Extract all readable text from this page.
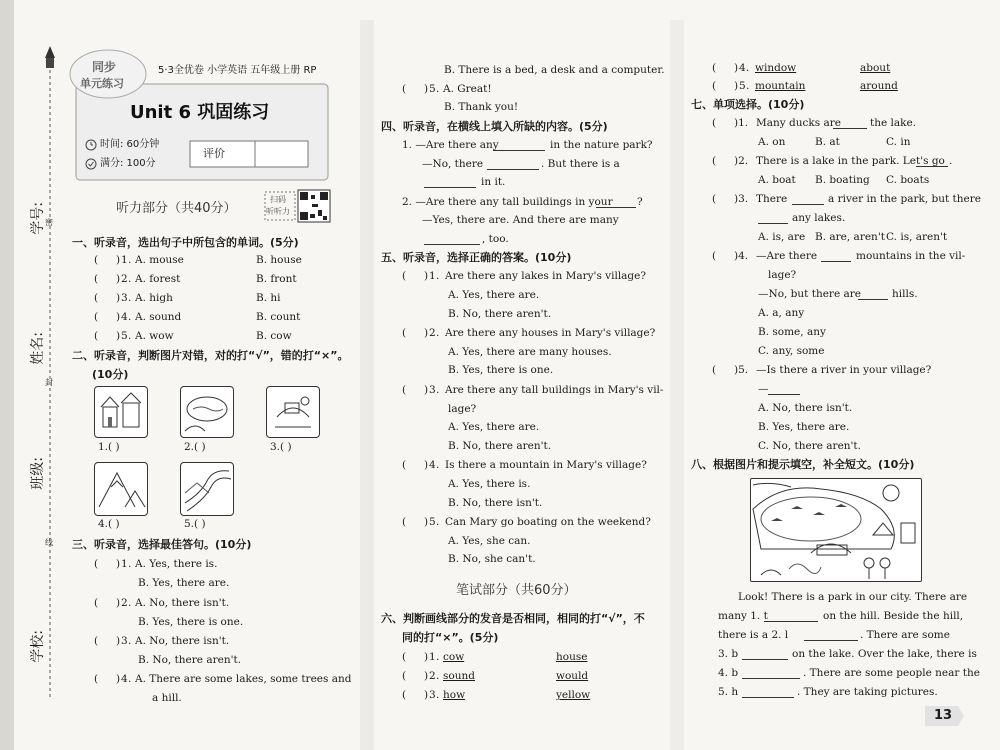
学号:
姓名:
班级:
学校:
密
封
线
同步
单元练习
5·3全优卷 小学英语 五年级上册 RP
Unit 6 巩固练习
时间: 60分钟
满分: 100分
评价
听力部分（共40分）
扫码
听听力
一、听录音，选出句子中所包含的单词。(5分)
( ) 1 . A. mouse	B. house
( ) 2 . A. forest	B. front
( ) 3 . A. high	B. hi
( ) 4 . A. sound	B. count
( ) 5 . A. wow	B. cow
二、听录音，判断图片对错，对的打“√”，错的打“×”。
(10分)
1.( )	2.( )	3.( )
4.( )	5.( )
三、听录音，选择最佳答句。(10分)
( ) 1 . A. Yes, there is.
B. Yes, there are.
( ) 2 . A. No, there isn't.
B. Yes, there is one.
( ) 3 . A. No, there isn't.
B. No, there aren't.
( ) 4 . A. There are some lakes, some trees and
a hill.
B. There is a bed, a desk and a computer.
( ) 5 . A. Great!
B. Thank you!
四、听录音，在横线上填入所缺的内容。(5分)
1. —Are there any	in the nature park?
—No, there	. But there is a
in it.
2. —Are there any tall buildings in your ?
—Yes, there are. And there are many
, too.
五、听录音，选择正确的答案。(10分)
( ) 1 . Are there any lakes in Mary's village?
A. Yes, there are.
B. No, there aren't.
( ) 2 . Are there any houses in Mary's village?
A. Yes, there are many houses.
B. Yes, there is one.
( ) 3 . Are there any tall buildings in Mary's vil-
lage?
A. Yes, there are.
B. No, there aren't.
( ) 4 . Is there a mountain in Mary's village?
A. Yes, there is.
B. No, there isn't.
( ) 5 . Can Mary go boating on the weekend?
A. Yes, she can.
B. No, she can't.
笔试部分（共60分）
六、判断画线部分的发音是否相同，相同的打“√”，不
同的打“×”。(5分)
( ) 1 . cow	house
( ) 2 . sound	would
( ) 3 . how	yellow
( ) 4 . window	about
( ) 5 . mountain	around
七、单项选择。(10分)
( )1. Many ducks are	the lake.
A. on	B. at	C. in
( )2. There is a lake in the park. Let's go .
A. boat B. boating C. boats
( )3. There	a river in the park, but there
any lakes.
A. is, are B. are, aren't C. is, aren't
( )4. —Are there	mountains in the vil-
lage?
—No, but there are	hills.
A. a, any
B. some, any
C. any, some
( )5. —Is there a river in your village?
—
A. No, there isn't.
B. Yes, there are.
C. No, there aren't.
八、根据图片和提示填空，补全短文。(10分)
Look! There is a park in our city. There are
many 1. t	on the hill. Beside the hill,
there is a 2. l	. There are some
3. b	on the lake. Over the lake, there is
4. b	. There are some people near the
5. h	. They are taking pictures.
13
